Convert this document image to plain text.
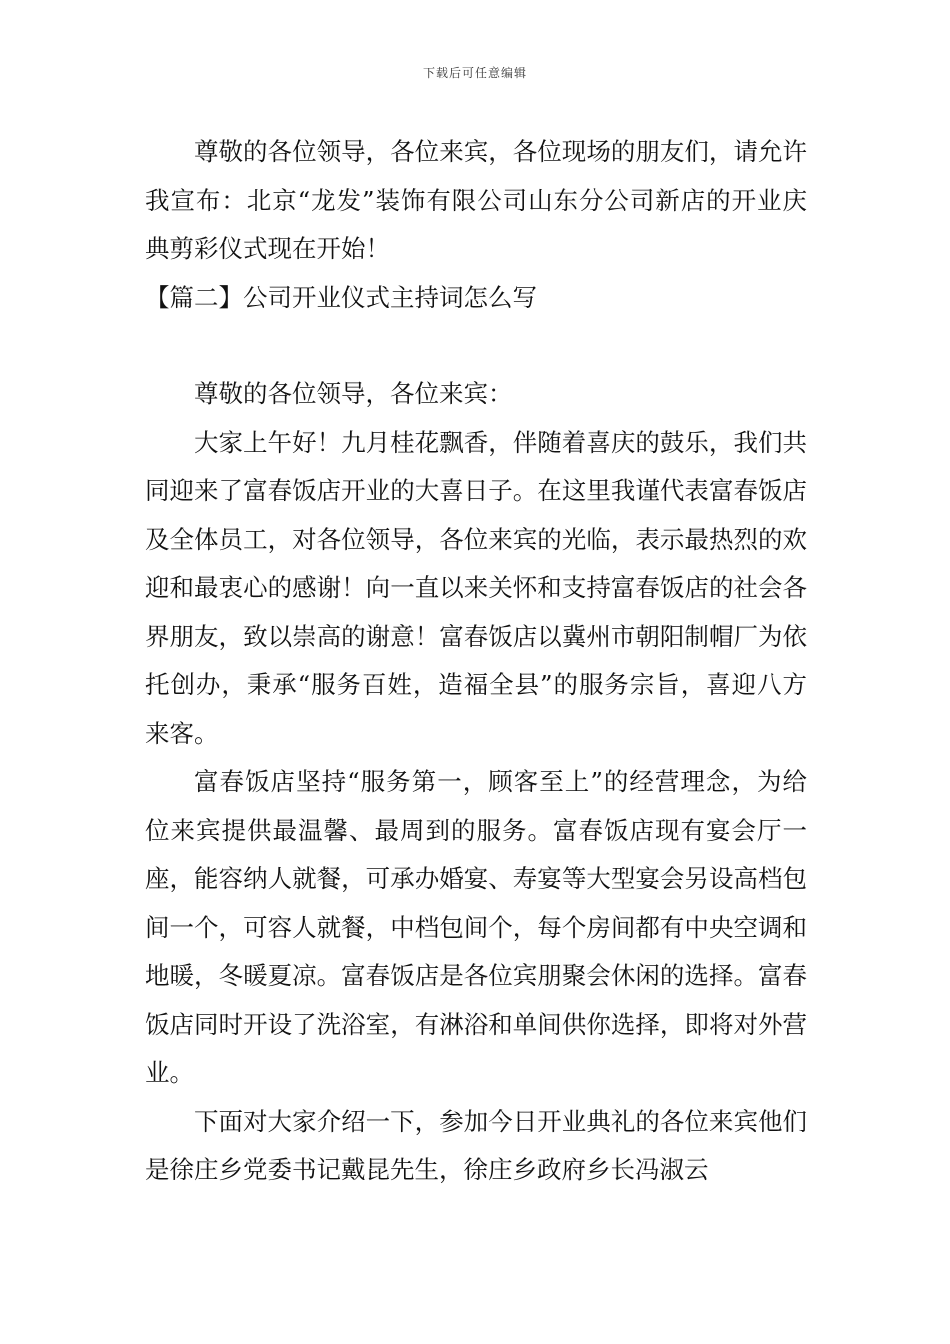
下载后可任意编辑

尊敬的各位领导，各位来宾，各位现场的朋友们，请允许我宣布：北京“龙发”装饰有限公司山东分公司新店的开业庆典剪彩仪式现在开始！

【篇二】公司开业仪式主持词怎么写

尊敬的各位领导，各位来宾：

大家上午好！九月桂花飘香，伴随着喜庆的鼓乐，我们共同迎来了富春饭店开业的大喜日子。在这里我谨代表富春饭店及全体员工，对各位领导，各位来宾的光临，表示最热烈的欢迎和最衷心的感谢！向一直以来关怀和支持富春饭店的社会各界朋友，致以崇高的谢意！富春饭店以冀州市朝阳制帽厂为依托创办，秉承“服务百姓，造福全县”的服务宗旨，喜迎八方来客。

富春饭店坚持“服务第一，顾客至上”的经营理念，为给位来宾提供最温馨、最周到的服务。富春饭店现有宴会厅一座，能容纳人就餐，可承办婚宴、寿宴等大型宴会另设高档包间一个，可容人就餐，中档包间个，每个房间都有中央空调和地暖，冬暖夏凉。富春饭店是各位宾朋聚会休闲的选择。富春饭店同时开设了洗浴室，有淋浴和单间供你选择，即将对外营业。

下面对大家介绍一下，参加今日开业典礼的各位来宾他们是徐庄乡党委书记戴昆先生，徐庄乡政府乡长冯淑云
